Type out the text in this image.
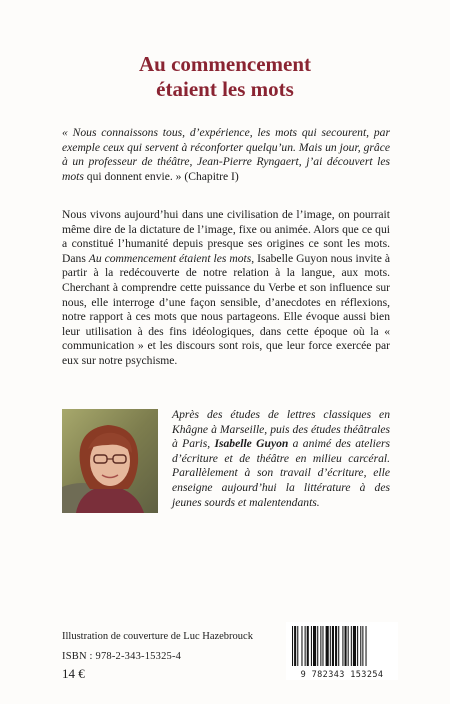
Au commencement
étaient les mots
« Nous connaissons tous, d’expérience, les mots qui secourent, par exemple ceux qui servent à réconforter quelqu’un. Mais un jour, grâce à un professeur de théâtre, Jean-Pierre Ryngaert, j’ai découvert les mots qui donnent envie. » (Chapitre I)
Nous vivons aujourd’hui dans une civilisation de l’image, on pourrait même dire de la dictature de l’image, fixe ou animée. Alors que ce qui a constitué l’humanité depuis presque ses origines ce sont les mots. Dans Au commencement étaient les mots, Isabelle Guyon nous invite à partir à la redécouverte de notre relation à la langue, aux mots. Cherchant à comprendre cette puissance du Verbe et son influence sur nous, elle interroge d’une façon sensible, d’anecdotes en réflexions, notre rapport à ces mots que nous partageons. Elle évoque aussi bien leur utilisation à des fins idéologiques, dans cette époque où la « communication » et les discours sont rois, que leur force exercée par eux sur notre psychisme.
Après des études de lettres classiques en Khâgne à Marseille, puis des études théâtrales à Paris, Isabelle Guyon a animé des ateliers d’écriture et de théâtre en milieu carcéral. Parallèlement à son travail d’écriture, elle enseigne aujourd’hui la littérature à des jeunes sourds et malentendants.
Illustration de couverture de Luc Hazebrouck
ISBN : 978-2-343-15325-4
14 €	9 782343 153254
